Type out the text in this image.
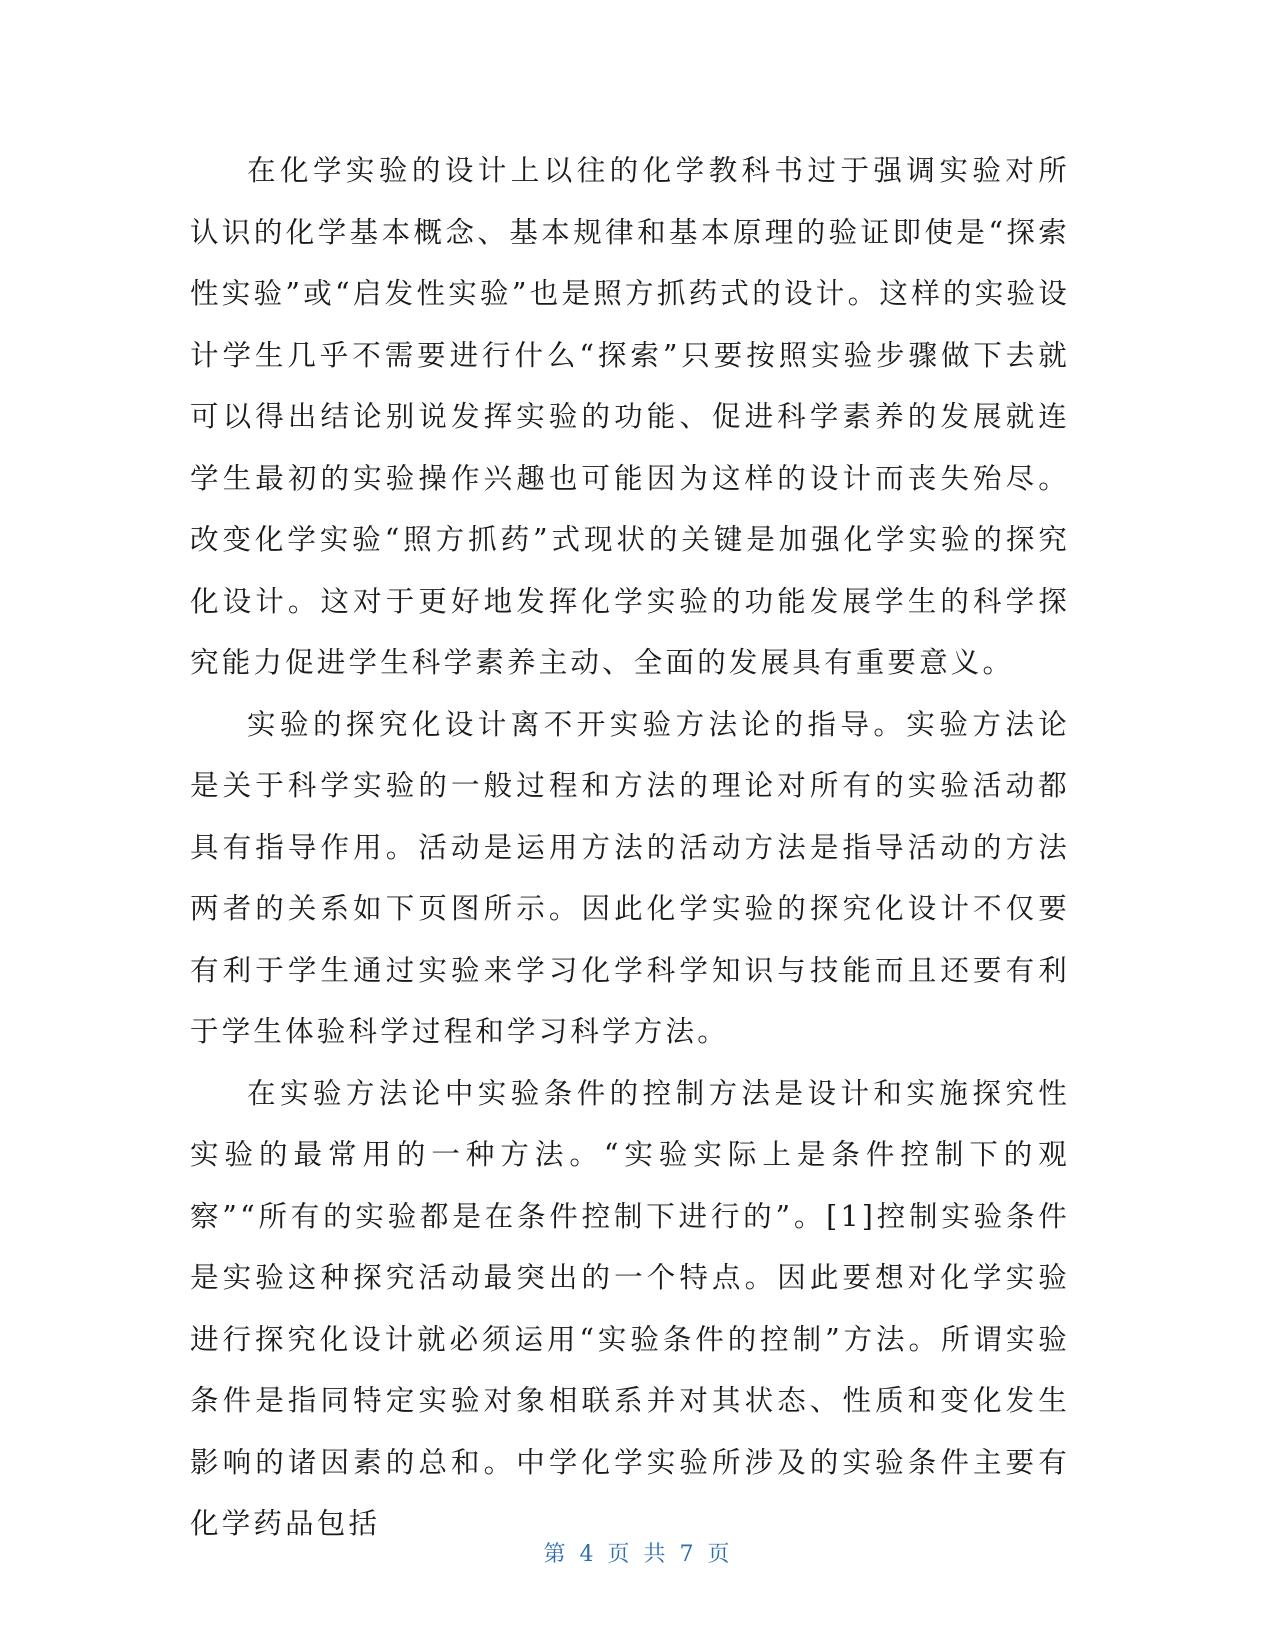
在化学实验的设计上以往的化学教科书过于强调实验对所认识的化学基本概念、基本规律和基本原理的验证即使是“探索性实验”或“启发性实验”也是照方抓药式的设计。这样的实验设计学生几乎不需要进行什么“探索”只要按照实验步骤做下去就可以得出结论别说发挥实验的功能、促进科学素养的发展就连学生最初的实验操作兴趣也可能因为这样的设计而丧失殆尽。改变化学实验“照方抓药”式现状的关键是加强化学实验的探究化设计。这对于更好地发挥化学实验的功能发展学生的科学探究能力促进学生科学素养主动、全面的发展具有重要意义。

实验的探究化设计离不开实验方法论的指导。实验方法论是关于科学实验的一般过程和方法的理论对所有的实验活动都具有指导作用。活动是运用方法的活动方法是指导活动的方法两者的关系如下页图所示。因此化学实验的探究化设计不仅要有利于学生通过实验来学习化学科学知识与技能而且还要有利于学生体验科学过程和学习科学方法。

在实验方法论中实验条件的控制方法是设计和实施探究性实验的最常用的一种方法。“实验实际上是条件控制下的观察”“所有的实验都是在条件控制下进行的”。[1]控制实验条件是实验这种探究活动最突出的一个特点。因此要想对化学实验进行探究化设计就必须运用“实验条件的控制”方法。所谓实验条件是指同特定实验对象相联系并对其状态、性质和变化发生影响的诸因素的总和。中学化学实验所涉及的实验条件主要有化学药品包括

第 4 页 共 7 页
